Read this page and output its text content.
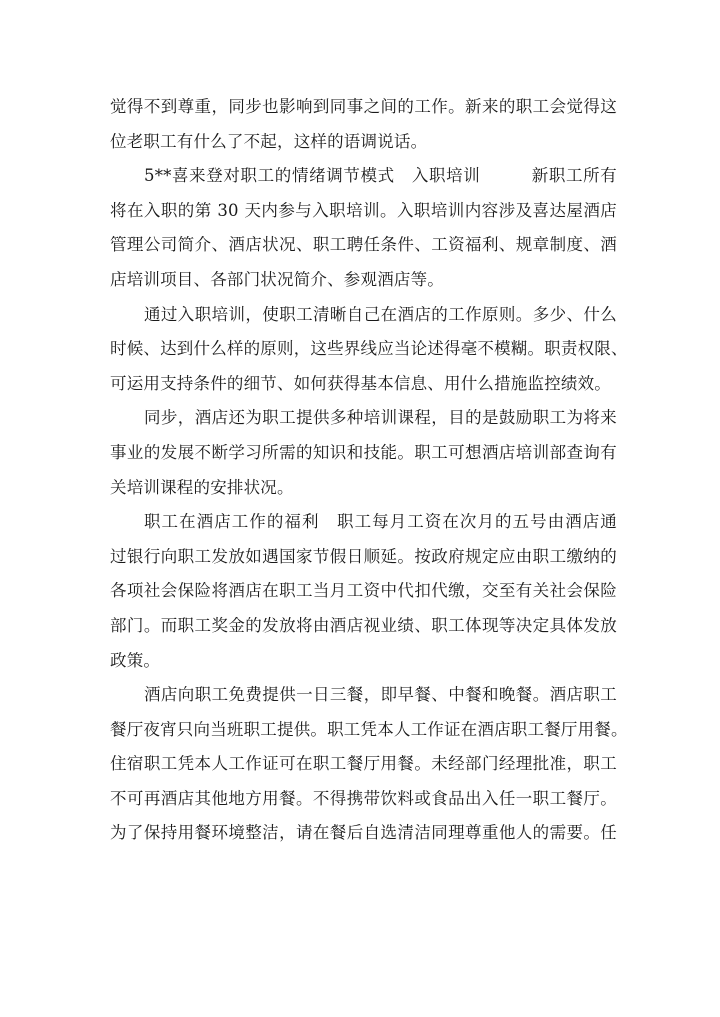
觉得不到尊重，同步也影响到同事之间的工作。新来的职工会觉得这
位老职工有什么了不起，这样的语调说话。
5**喜来登对职工的情绪调节模式　入职培训　　　新职工所有
将在入职的第 30 天内参与入职培训。入职培训内容涉及喜达屋酒店
管理公司简介、酒店状况、职工聘任条件、工资福利、规章制度、酒
店培训项目、各部门状况简介、参观酒店等。
通过入职培训，使职工清晰自己在酒店的工作原则。多少、什么
时候、达到什么样的原则，这些界线应当论述得毫不模糊。职责权限、
可运用支持条件的细节、如何获得基本信息、用什么措施监控绩效。
同步，酒店还为职工提供多种培训课程，目的是鼓励职工为将来
事业的发展不断学习所需的知识和技能。职工可想酒店培训部查询有
关培训课程的安排状况。
职工在酒店工作的福利　职工每月工资在次月的五号由酒店通
过银行向职工发放如遇国家节假日顺延。按政府规定应由职工缴纳的
各项社会保险将酒店在职工当月工资中代扣代缴，交至有关社会保险
部门。而职工奖金的发放将由酒店视业绩、职工体现等决定具体发放
政策。
酒店向职工免费提供一日三餐，即早餐、中餐和晚餐。酒店职工
餐厅夜宵只向当班职工提供。职工凭本人工作证在酒店职工餐厅用餐。
住宿职工凭本人工作证可在职工餐厅用餐。未经部门经理批准，职工
不可再酒店其他地方用餐。不得携带饮料或食品出入任一职工餐厅。
为了保持用餐环境整洁，请在餐后自选清洁同理尊重他人的需要。任
